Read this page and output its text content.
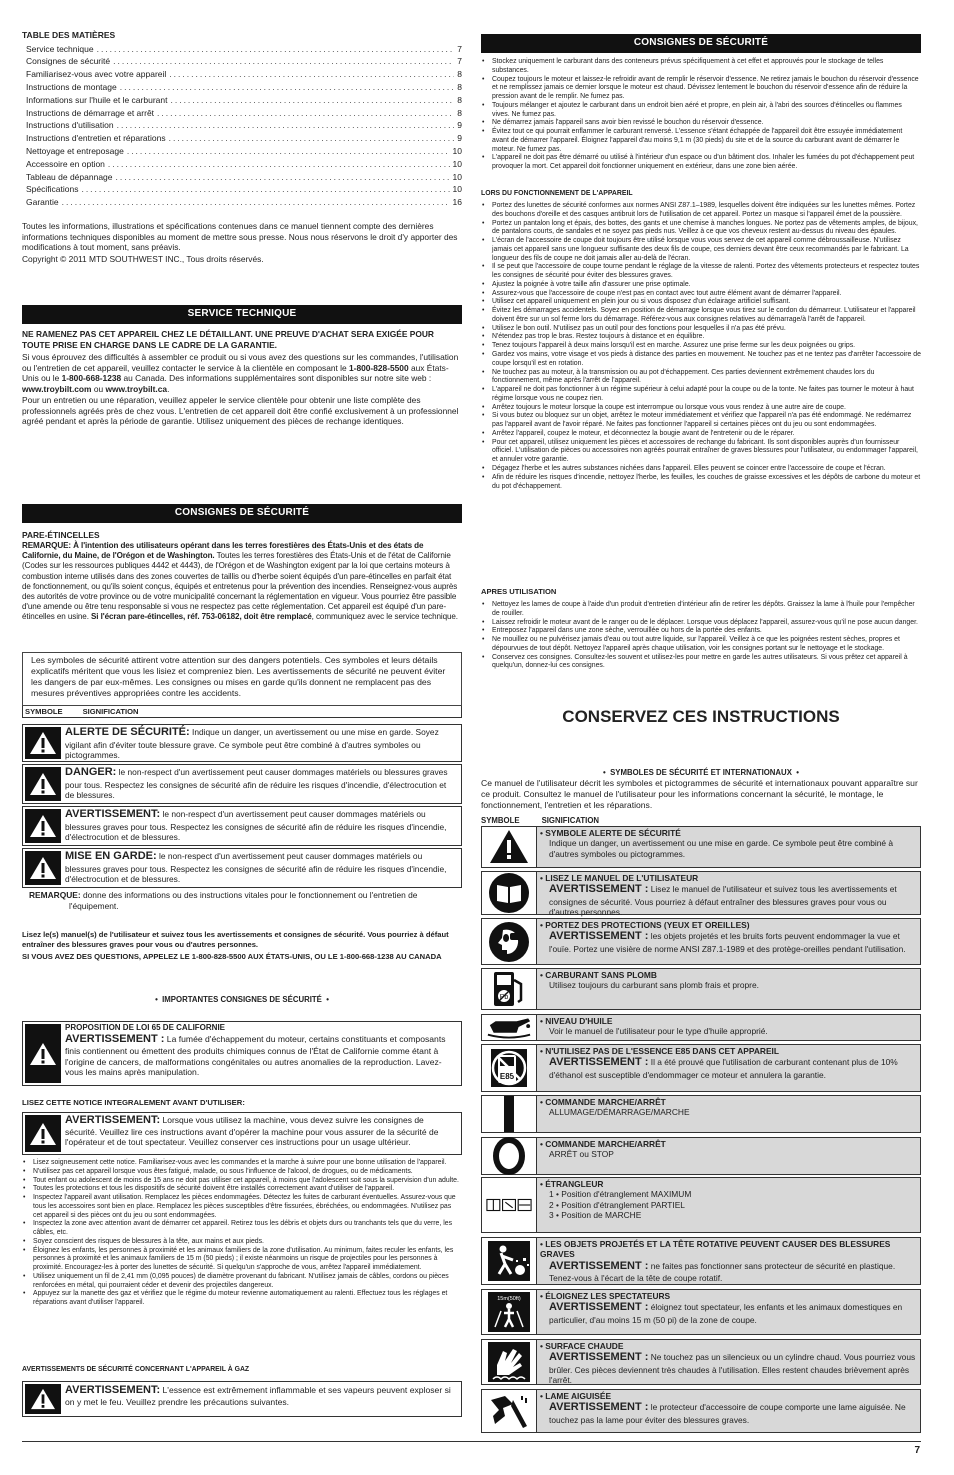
TABLE DES MATIÈRES
Service technique .....	7
Consignes de sécurité .....	7
Familiarisez-vous avec votre appareil .....	8
Instructions de montage .....	8
Informations sur l'huile et le carburant .....	8
Instructions de démarrage et arrêt .....	8
Instructions d'utilisation .....	9
Instructions d'entretien et réparations .....	9
Nettoyage et entreposage .....	10
Accessoire en option .....	10
Tableau de dépannage .....	10
Spécifications .....	10
Garantie .....	16
Toutes les informations, illustrations et spécifications contenues dans ce manuel tiennent compte des dernières informations techniques disponibles au moment de mettre sous presse. Nous nous réservons le droit d'y apporter des modifications à tout moment, sans préavis.
Copyright © 2011 MTD SOUTHWEST INC., Tous droits réservés.
SERVICE TECHNIQUE
NE RAMENEZ PAS CET APPAREIL CHEZ LE DÉTAILLANT. UNE PREUVE D'ACHAT SERA EXIGÉE POUR TOUTE PRISE EN CHARGE DANS LE CADRE DE LA GARANTIE.
Si vous éprouvez des difficultés à assembler ce produit ou si vous avez des questions sur les commandes, l'utilisation ou l'entretien de cet appareil, veuillez contacter le service à la clientèle en composant le 1-800-828-5500 aux États-Unis ou le 1-800-668-1238 au Canada. Des informations supplémentaires sont disponibles sur notre site web : www.troybilt.com ou www.troybilt.ca.
Pour un entretien ou une réparation, veuillez appeler le service clientèle pour obtenir une liste complète des professionnels agréés près de chez vous. L'entretien de cet appareil doit être confié exclusivement à un professionnel agréé pendant et après la période de garantie. Utilisez uniquement des pièces de rechange identiques.
CONSIGNES DE SÉCURITÉ
PARE-ÉTINCELLES
REMARQUE: À l'intention des utilisateurs opérant dans les terres forestières des États-Unis et des états de Californie, du Maine, de l'Orégon et de Washington. Toutes les terres forestières des États-Unis et de l'état de Californie (Codes sur les ressources publiques 4442 et 4443), de l'Orégon et de Washington exigent par la loi que certains moteurs à combustion interne utilisés dans des zones couvertes de taillis ou d'herbe soient équipés d'un pare-étincelles en parfait état de fonctionnement, ou qu'ils soient conçus, équipés et entretenus pour la prévention des incendies. Renseignez-vous auprès des autorités de votre province ou de votre municipalité concernant la réglementation en vigueur. Vous pourriez être passible d'une amende ou être tenu responsable si vous ne respectez pas cette réglementation. Cet appareil est équipé d'un pare-étincelles en usine. Si l'écran pare-étincelles, réf. 753-06182, doit être remplacé, communiquez avec le service technique.
Les symboles de sécurité attirent votre attention sur des dangers potentiels. Ces symboles et leurs détails explicatifs méritent que vous les lisiez et compreniez bien. Les avertissements de sécurité ne peuvent éviter les dangers de par eux-mêmes. Les consignes ou mises en garde qu'ils donnent ne remplacent pas des mesures préventives appropriées contre les accidents.
SYMBOLE	SIGNIFICATION
ALERTE DE SÉCURITÉ: Indique un danger, un avertissement ou une mise en garde. Soyez vigilant afin d'éviter toute blessure grave. Ce symbole peut être combiné à d'autres symboles ou pictogrammes.
DANGER: le non-respect d'un avertissement peut causer dommages matériels ou blessures graves pour tous. Respectez les consignes de sécurité afin de réduire les risques d'incendie, d'électrocution et de blessures.
AVERTISSEMENT: le non-respect d'un avertissement peut causer dommages matériels ou blessures graves pour tous. Respectez les consignes de sécurité afin de réduire les risques d'incendie, d'électrocution et de blessures.
MISE EN GARDE: le non-respect d'un avertissement peut causer dommages matériels ou blessures graves pour tous. Respectez les consignes de sécurité afin de réduire les risques d'incendie, d'électrocution et de blessures.
REMARQUE: donne des informations ou des instructions vitales pour le fonctionnement ou l'entretien de l'équipement.
Lisez le(s) manuel(s) de l'utilisateur et suivez tous les avertissements et consignes de sécurité. Vous pourriez à défaut entraîner des blessures graves pour vous ou d'autres personnes.
SI VOUS AVEZ DES QUESTIONS, APPELEZ LE 1-800-828-5500 AUX ÉTATS-UNIS, OU LE 1-800-668-1238 AU CANADA
•  IMPORTANTES CONSIGNES DE SÉCURITÉ  •
PROPOSITION DE LOI 65 DE CALIFORNIE
AVERTISSEMENT : La fumée d'échappement du moteur, certains constituants et composants finis contiennent ou émettent des produits chimiques connus de l'État de Californie comme étant à l'origine de cancers, de malformations congénitales ou autres anomalies de la reproduction. Lavez-vous les mains après manipulation.
LISEZ CETTE NOTICE INTEGRALEMENT AVANT D'UTILISER:
AVERTISSEMENT: Lorsque vous utilisez la machine, vous devez suivre les consignes de sécurité. Veuillez lire ces instructions avant d'opérer la machine pour vous assurer de la sécurité de l'opérateur et de tout spectateur. Veuillez conserver ces instructions pour un usage ultérieur.
• Lisez soigneusement cette notice. Familiarisez-vous avec les commandes et la marche à suivre pour une bonne utilisation de l'appareil.
• N'utilisez pas cet appareil lorsque vous êtes fatigué, malade, ou sous l'influence de l'alcool, de drogues, ou de médicaments.
• Tout enfant ou adolescent de moins de 15 ans ne doit pas utiliser cet appareil, à moins que l'adolescent soit sous la supervision d'un adulte.
• Toutes les protections et tous les dispositifs de sécurité doivent être installés correctement avant d'utiliser de l'appareil.
• Inspectez l'appareil avant utilisation. Remplacez les pièces endommagées. Détectez les fuites de carburant éventuelles. Assurez-vous que tous les accessoires sont bien en place. Remplacez les pièces susceptibles d'être fissurées, ébréchées, ou endommagées. N'utilisez pas cet appareil si des pièces ont du jeu ou sont endommagées.
• Inspectez la zone avec attention avant de démarrer cet appareil. Retirez tous les débris et objets durs ou tranchants tels que du verre, les câbles, etc.
• Soyez conscient des risques de blessures à la tête, aux mains et aux pieds.
• Éloignez les enfants, les personnes à proximité et les animaux familiers de la zone d'utilisation. Au minimum, faites reculer les enfants, les personnes à proximité et les animaux familiers de 15 m (50 pieds) ; il existe néanmoins un risque de projectiles pour les personnes à proximité. Encouragez-les à porter des lunettes de sécurité. Si quelqu'un s'approche de vous, arrêtez l'appareil immédiatement.
• Utilisez uniquement un fil de 2,41 mm (0,095 pouces) de diamètre provenant du fabricant. N'utilisez jamais de câbles, cordons ou pièces renforcées en métal, qui pourraient céder et devenir des projectiles dangereux.
• Appuyez sur la manette des gaz et vérifiez que le régime du moteur revienne automatiquement au ralenti. Effectuez tous les réglages et réparations avant d'utiliser l'appareil.
AVERTISSEMENTS DE SÉCURITÉ CONCERNANT L'APPAREIL À GAZ
AVERTISSEMENT: L'essence est extrêmement inflammable et ses vapeurs peuvent exploser si on y met le feu. Veuillez prendre les précautions suivantes.
CONSIGNES DE SÉCURITÉ
• Stockez uniquement le carburant dans des conteneurs prévus spécifiquement à cet effet et approuvés pour le stockage de telles substances.
• Coupez toujours le moteur et laissez-le refroidir avant de remplir le réservoir d'essence. Ne retirez jamais le bouchon du réservoir d'essence et ne remplissez jamais ce dernier lorsque le moteur est chaud. Dévissez lentement le bouchon du réservoir d'essence afin de réduire la pression avant de le remplir. Ne fumez pas.
• Toujours mélanger et ajoutez le carburant dans un endroit bien aéré et propre, en plein air, à l'abri des sources d'étincelles ou flammes vives. Ne fumez pas.
• Ne démarrez jamais l'appareil sans avoir bien revissé le bouchon du réservoir d'essence.
• Évitez tout ce qui pourrait enflammer le carburant renversé. L'essence s'étant échappée de l'appareil doit être essuyée immédiatement avant de démarrer l'appareil. Éloignez l'appareil d'au moins 9,1 m (30 pieds) du site et de la source du carburant avant de démarrer le moteur. Ne fumez pas.
• L'appareil ne doit pas être démarré ou utilisé à l'intérieur d'un espace ou d'un bâtiment clos. Inhaler les fumées du pot d'échappement peut provoquer la mort. Cet appareil doit fonctionner uniquement en extérieur, dans une zone bien aérée.
LORS DU FONCTIONNEMENT DE L'APPAREIL
• Portez des lunettes de sécurité conformes aux normes ANSI Z87.1–1989, lesquelles doivent être indiquées sur les lunettes mêmes. Portez des bouchons d'oreille et des casques antibruit lors de l'utilisation de cet appareil. Portez un masque si l'appareil émet de la poussière.
• Portez un pantalon long et épais, des bottes, des gants et une chemise à manches longues. Ne portez pas de vêtements amples, de bijoux, de pantalons courts, de sandales et ne soyez pas pieds nus. Veillez à ce que vos cheveux restent au-dessus du niveau des épaules.
• L'écran de l'accessoire de coupe doit toujours être utilisé lorsque vous vous servez de cet appareil comme débroussailleuse. N'utilisez jamais cet appareil sans une longueur suffisante des deux fils de coupe, ces derniers devant être ceux recommandés par le fabricant. La longueur des fils de coupe ne doit jamais aller au-delà de l'écran.
• Il se peut que l'accessoire de coupe tourne pendant le réglage de la vitesse de ralenti. Portez des vêtements protecteurs et respectez toutes les consignes de sécurité pour éviter des blessures graves.
• Ajustez la poignée à votre taille afin d'assurer une prise optimale.
• Assurez-vous que l'accessoire de coupe n'est pas en contact avec tout autre élément avant de démarrer l'appareil.
• Utilisez cet appareil uniquement en plein jour ou si vous disposez d'un éclairage artificiel suffisant.
• Évitez les démarrages accidentels. Soyez en position de démarrage lorsque vous tirez sur le cordon du démarreur. L'utilisateur et l'appareil doivent être sur un sol ferme lors du démarrage. Référez-vous aux consignes relatives au démarrage/à l'arrêt de l'appareil.
• Utilisez le bon outil. N'utilisez pas un outil pour des fonctions pour lesquelles il n'a pas été prévu.
• N'étendez pas trop le bras. Restez toujours à distance et en équilibre.
• Tenez toujours l'appareil à deux mains lorsqu'il est en marche. Assurez une prise ferme sur les deux poignées ou grips.
• Gardez vos mains, votre visage et vos pieds à distance des parties en mouvement. Ne touchez pas et ne tentez pas d'arrêter l'accessoire de coupe lorsqu'il est en rotation.
• Ne touchez pas au moteur, à la transmission ou au pot d'échappement. Ces parties deviennent extrêmement chaudes lors du fonctionnement, même après l'arrêt de l'appareil.
• L'appareil ne doit pas fonctionner à un régime supérieur à celui adapté pour la coupe ou de la tonte. Ne faites pas tourner le moteur à haut régime lorsque vous ne coupez rien.
• Arrêtez toujours le moteur lorsque la coupe est interrompue ou lorsque vous vous rendez à une autre aire de coupe.
• Si vous butez ou bloquez sur un objet, arrêtez le moteur immédiatement et vérifiez que l'appareil n'a pas été endommagé. Ne redémarrez pas l'appareil avant de l'avoir réparé. Ne faites pas fonctionner l'appareil si certaines pièces ont du jeu ou sont endommagées.
• Arrêtez l'appareil, coupez le moteur, et déconnectez la bougie avant de l'entretenir ou de le réparer.
• Pour cet appareil, utilisez uniquement les pièces et accessoires de rechange du fabricant. Ils sont disponibles auprès d'un fournisseur officiel. L'utilisation de pièces ou accessoires non agréés pourrait entraîner de graves blessures pour l'utilisateur, ou endommager l'appareil, et annuler votre garantie.
• Dégagez l'herbe et les autres substances nichées dans l'appareil. Elles peuvent se coincer entre l'accessoire de coupe et l'écran.
• Afin de réduire les risques d'incendie, nettoyez l'herbe, les feuilles, les couches de graisse excessives et les dépôts de carbone du moteur et du pot d'échappement.
APRES UTILISATION
• Nettoyez les lames de coupe à l'aide d'un produit d'entretien d'intérieur afin de retirer les dépôts. Graissez la lame à l'huile pour l'empêcher de rouiller.
• Laissez refroidir le moteur avant de le ranger ou de le déplacer. Lorsque vous déplacez l'appareil, assurez-vous qu'il ne pose aucun danger.
• Entreposez l'appareil dans une zone sèche, verrouillée ou hors de la portée des enfants.
• Ne mouillez ou ne pulvérisez jamais d'eau ou tout autre liquide, sur l'appareil. Veillez à ce que les poignées restent sèches, propres et dépourvues de tout dépôt. Nettoyez l'appareil après chaque utilisation, voir les consignes portant sur le nettoyage et le stockage.
• Conservez ces consignes. Consultez-les souvent et utilisez-les pour mettre en garde les autres utilisateurs. Si vous prêtez cet appareil à quelqu'un, donnez-lui ces consignes.
CONSERVEZ CES INSTRUCTIONS
•  SYMBOLES DE SÉCURITÉ ET INTERNATIONAUX  •
Ce manuel de l'utilisateur décrit les symboles et pictogrammes de sécurité et internationaux pouvant apparaître sur ce produit. Consultez le manuel de l'utilisateur pour les informations concernant la sécurité, le montage, le fonctionnement, l'entretien et les réparations.
SYMBOLE	SIGNIFICATION
• SYMBOLE ALERTE DE SÉCURITÉ
Indique un danger, un avertissement ou une mise en garde. Ce symbole peut être combiné à d'autres symboles ou pictogrammes.
• LISEZ LE MANUEL DE L'UTILISATEUR
AVERTISSEMENT : Lisez le manuel de l'utilisateur et suivez tous les avertissements et consignes de sécurité. Vous pourriez à défaut entraîner des blessures graves pour vous ou d'autres personnes.
• PORTEZ DES PROTECTIONS (YEUX ET OREILLES)
AVERTISSEMENT : les objets projetés et les bruits forts peuvent endommager la vue et l'ouïe. Portez une visière de norme ANSI Z87.1-1989 et des protège-oreilles pendant l'utilisation.
Pb
• CARBURANT SANS PLOMB
Utilisez toujours du carburant sans plomb frais et propre.
• NIVEAU D'HUILE
Voir le manuel de l'utilisateur pour le type d'huile approprié.
E85
• N'UTILISEZ PAS DE L'ESSENCE E85 DANS CET APPAREIL
AVERTISSEMENT : Il a été prouvé que l'utilisation de carburant contenant plus de 10% d'éthanol est susceptible d'endommager ce moteur et annulera la garantie.
• COMMANDE MARCHE/ARRÊT
ALLUMAGE/DÉMARRAGE/MARCHE
• COMMANDE MARCHE/ARRÊT
ARRÊT ou STOP
• ÉTRANGLEUR
1 • Position d'étranglement MAXIMUM
2 • Position d'étranglement PARTIEL
3 • Position de MARCHE
• LES OBJETS PROJETÉS ET LA TÊTE ROTATIVE PEUVENT CAUSER DES BLESSURES GRAVES
AVERTISSEMENT : ne faites pas fonctionner sans protecteur de sécurité en plastique. Tenez-vous à l'écart de la tête de coupe rotatif.
15m(50ft) • ÉLOIGNEZ LES SPECTATEURS
AVERTISSEMENT : éloignez tout spectateur, les enfants et les animaux domestiques en particulier, d'au moins 15 m (50 pi) de la zone de coupe.
• SURFACE CHAUDE
AVERTISSEMENT : Ne touchez pas un silencieux ou un cylindre chaud. Vous pourriez vous brûler. Ces pièces deviennent très chaudes à l'utilisation. Elles restent chaudes brièvement après l'arrêt.
• LAME AIGUISÉE
AVERTISSEMENT : le protecteur d'accessoire de coupe comporte une lame aiguisée. Ne touchez pas la lame pour éviter des blessures graves.
7
